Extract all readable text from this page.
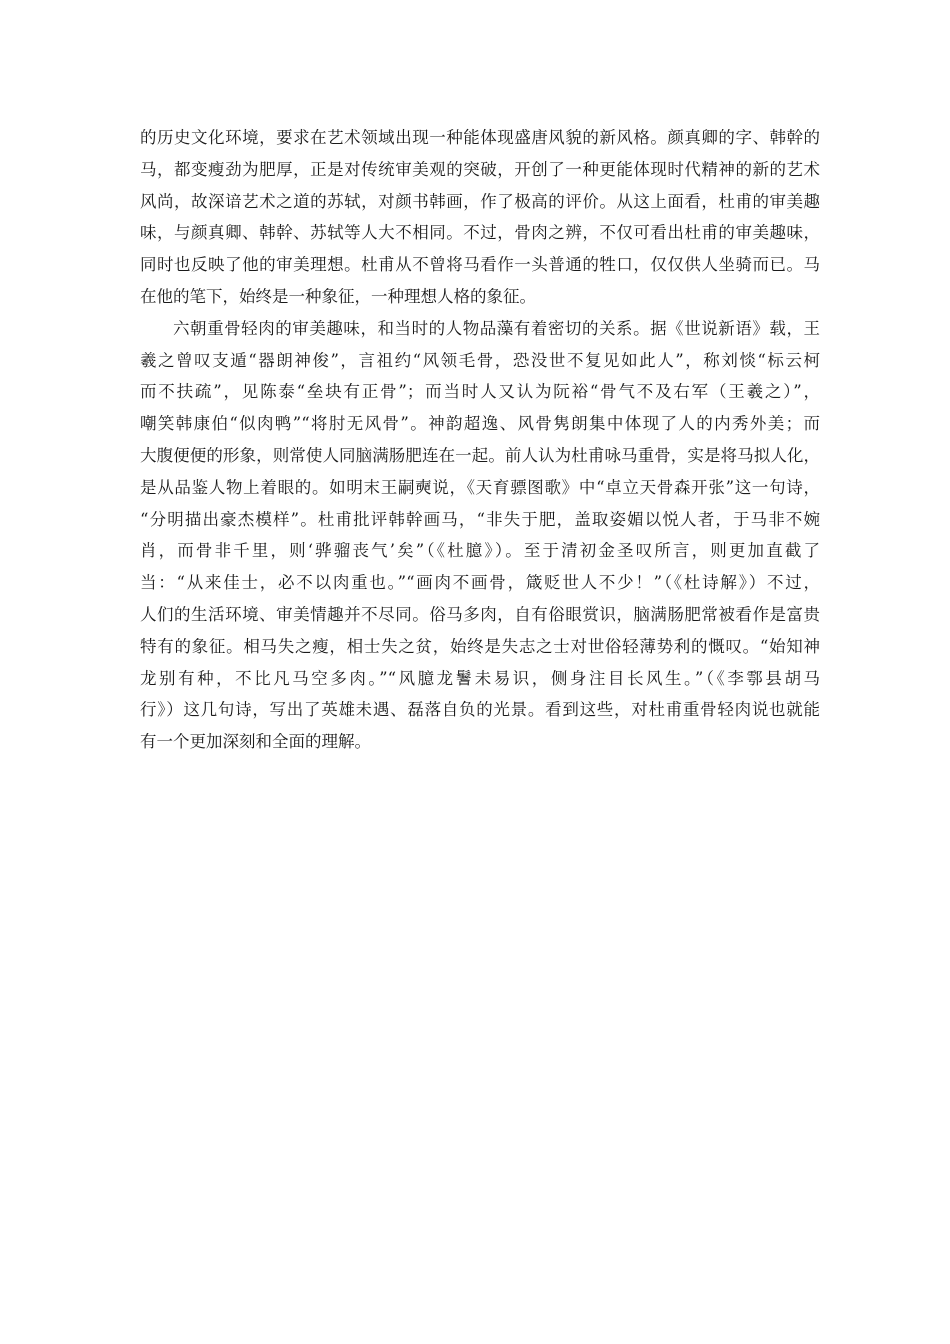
的历史文化环境，要求在艺术领域出现一种能体现盛唐风貌的新风格。颜真卿的字、韩幹的
马，都变瘦劲为肥厚，正是对传统审美观的突破，开创了一种更能体现时代精神的新的艺术
风尚，故深谙艺术之道的苏轼，对颜书韩画，作了极高的评价。从这上面看，杜甫的审美趣
味，与颜真卿、韩幹、苏轼等人大不相同。不过，骨肉之辨，不仅可看出杜甫的审美趣味，
同时也反映了他的审美理想。杜甫从不曾将马看作一头普通的牲口，仅仅供人坐骑而已。马
在他的笔下，始终是一种象征，一种理想人格的象征。
六朝重骨轻肉的审美趣味，和当时的人物品藻有着密切的关系。据《世说新语》载，王
羲之曾叹支遁“器朗神俊”，言祖约“风领毛骨，恐没世不复见如此人”，称刘惔“标云柯
而不扶疏”，见陈泰“垒块有正骨”；而当时人又认为阮裕“骨气不及右军（王羲之）”，
嘲笑韩康伯“似肉鸭”“将肘无风骨”。神韵超逸、风骨隽朗集中体现了人的内秀外美；而
大腹便便的形象，则常使人同脑满肠肥连在一起。前人认为杜甫咏马重骨，实是将马拟人化，
是从品鉴人物上着眼的。如明末王嗣奭说，《天育骠图歌》中“卓立天骨森开张”这一句诗，
“分明描出豪杰模样”。杜甫批评韩幹画马，“非失于肥，盖取姿媚以悦人者，于马非不婉
肖，而骨非千里，则‘骅骝丧气’矣”（《杜臆》）。至于清初金圣叹所言，则更加直截了
当：“从来佳士，必不以肉重也。”“画肉不画骨，箴贬世人不少！”（《杜诗解》）不过，
人们的生活环境、审美情趣并不尽同。俗马多肉，自有俗眼赏识，脑满肠肥常被看作是富贵
特有的象征。相马失之瘦，相士失之贫，始终是失志之士对世俗轻薄势利的慨叹。“始知神
龙别有种，不比凡马空多肉。”“风臆龙鬐未易识，侧身注目长风生。”（《李鄠县胡马
行》）这几句诗，写出了英雄未遇、磊落自负的光景。看到这些，对杜甫重骨轻肉说也就能
有一个更加深刻和全面的理解。
